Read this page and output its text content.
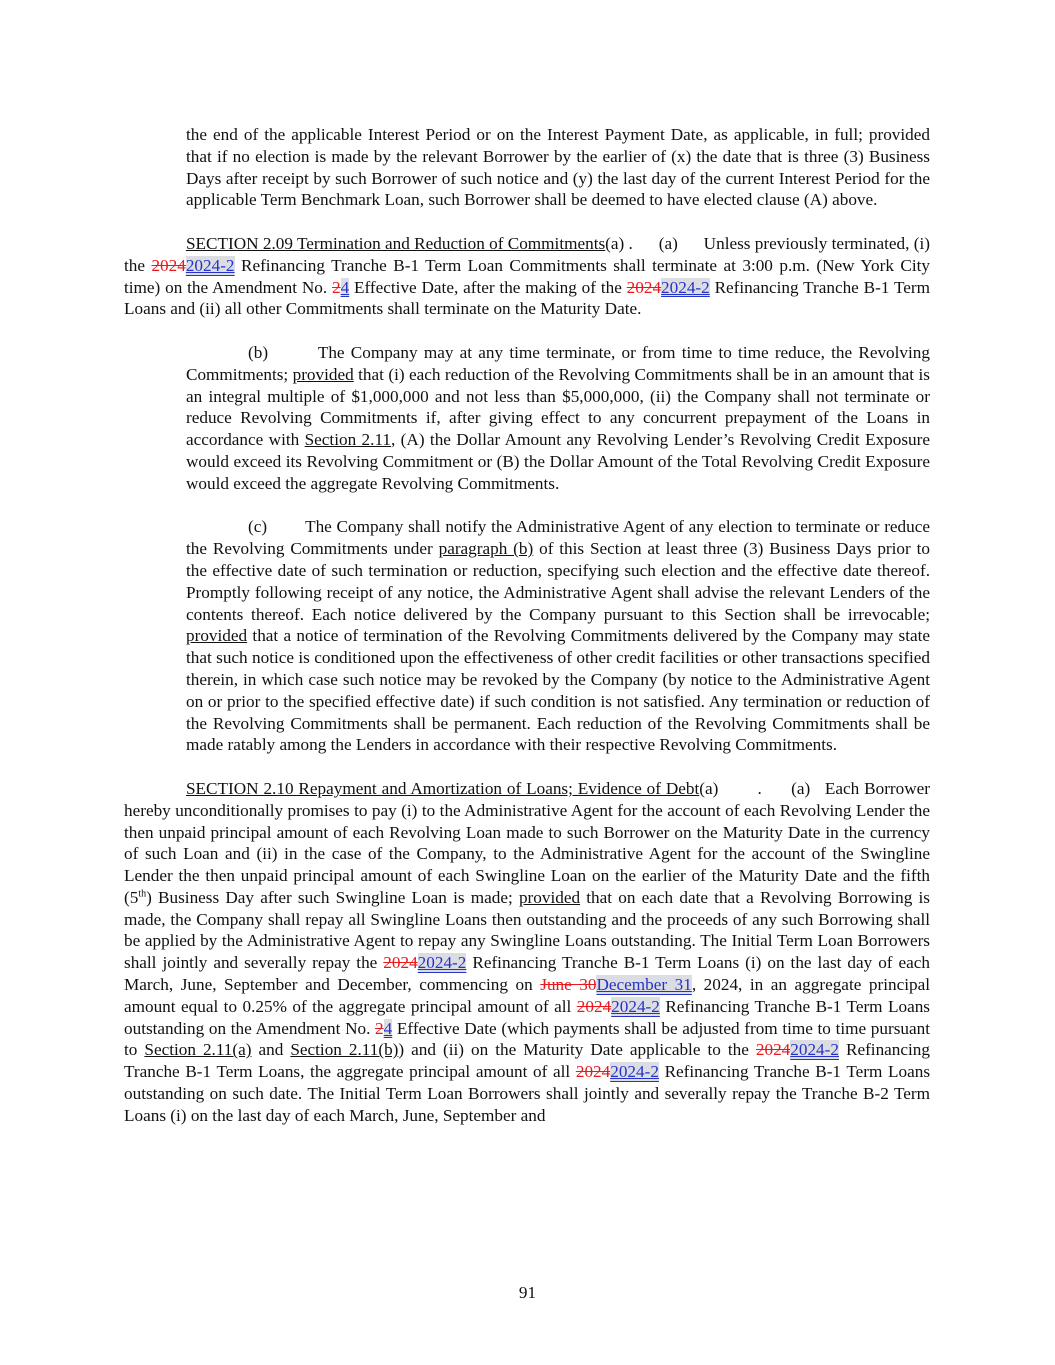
the end of the applicable Interest Period or on the Interest Payment Date, as applicable, in full; provided that if no election is made by the relevant Borrower by the earlier of (x) the date that is three (3) Business Days after receipt by such Borrower of such notice and (y) the last day of the current Interest Period for the applicable Term Benchmark Loan, such Borrower shall be deemed to have elected clause (A) above.

SECTION 2.09 Termination and Reduction of Commitments(a) .      (a)      Unless previously terminated, (i) the 20242024-2 Refinancing Tranche B-1 Term Loan Commitments shall terminate at 3:00 p.m. (New York City time) on the Amendment No. 24 Effective Date, after the making of the 20242024-2 Refinancing Tranche B-1 Term Loans and (ii) all other Commitments shall terminate on the Maturity Date.

(b)        The Company may at any time terminate, or from time to time reduce, the Revolving Commitments; provided that (i) each reduction of the Revolving Commitments shall be in an amount that is an integral multiple of $1,000,000 and not less than $5,000,000, (ii) the Company shall not terminate or reduce Revolving Commitments if, after giving effect to any concurrent prepayment of the Loans in accordance with Section 2.11, (A) the Dollar Amount any Revolving Lender’s Revolving Credit Exposure would exceed its Revolving Commitment or (B) the Dollar Amount of the Total Revolving Credit Exposure would exceed the aggregate Revolving Commitments.

(c)        The Company shall notify the Administrative Agent of any election to terminate or reduce the Revolving Commitments under paragraph (b) of this Section at least three (3) Business Days prior to the effective date of such termination or reduction, specifying such election and the effective date thereof. Promptly following receipt of any notice, the Administrative Agent shall advise the relevant Lenders of the contents thereof. Each notice delivered by the Company pursuant to this Section shall be irrevocable; provided that a notice of termination of the Revolving Commitments delivered by the Company may state that such notice is conditioned upon the effectiveness of other credit facilities or other transactions specified therein, in which case such notice may be revoked by the Company (by notice to the Administrative Agent on or prior to the specified effective date) if such condition is not satisfied. Any termination or reduction of the Revolving Commitments shall be permanent. Each reduction of the Revolving Commitments shall be made ratably among the Lenders in accordance with their respective Revolving Commitments.

SECTION 2.10 Repayment and Amortization of Loans; Evidence of Debt(a)        .      (a)   Each Borrower hereby unconditionally promises to pay (i) to the Administrative Agent for the account of each Revolving Lender the then unpaid principal amount of each Revolving Loan made to such Borrower on the Maturity Date in the currency of such Loan and (ii) in the case of the Company, to the Administrative Agent for the account of the Swingline Lender the then unpaid principal amount of each Swingline Loan on the earlier of the Maturity Date and the fifth (5th) Business Day after such Swingline Loan is made; provided that on each date that a Revolving Borrowing is made, the Company shall repay all Swingline Loans then outstanding and the proceeds of any such Borrowing shall be applied by the Administrative Agent to repay any Swingline Loans outstanding. The Initial Term Loan Borrowers shall jointly and severally repay the 20242024-2 Refinancing Tranche B-1 Term Loans (i) on the last day of each March, June, September and December, commencing on June 30December 31, 2024, in an aggregate principal amount equal to 0.25% of the aggregate principal amount of all 20242024-2 Refinancing Tranche B-1 Term Loans outstanding on the Amendment No. 24 Effective Date (which payments shall be adjusted from time to time pursuant to Section 2.11(a) and Section 2.11(b)) and (ii) on the Maturity Date applicable to the 20242024-2 Refinancing Tranche B-1 Term Loans, the aggregate principal amount of all 20242024-2 Refinancing Tranche B-1 Term Loans outstanding on such date. The Initial Term Loan Borrowers shall jointly and severally repay the Tranche B-2 Term Loans (i) on the last day of each March, June, September and

91
